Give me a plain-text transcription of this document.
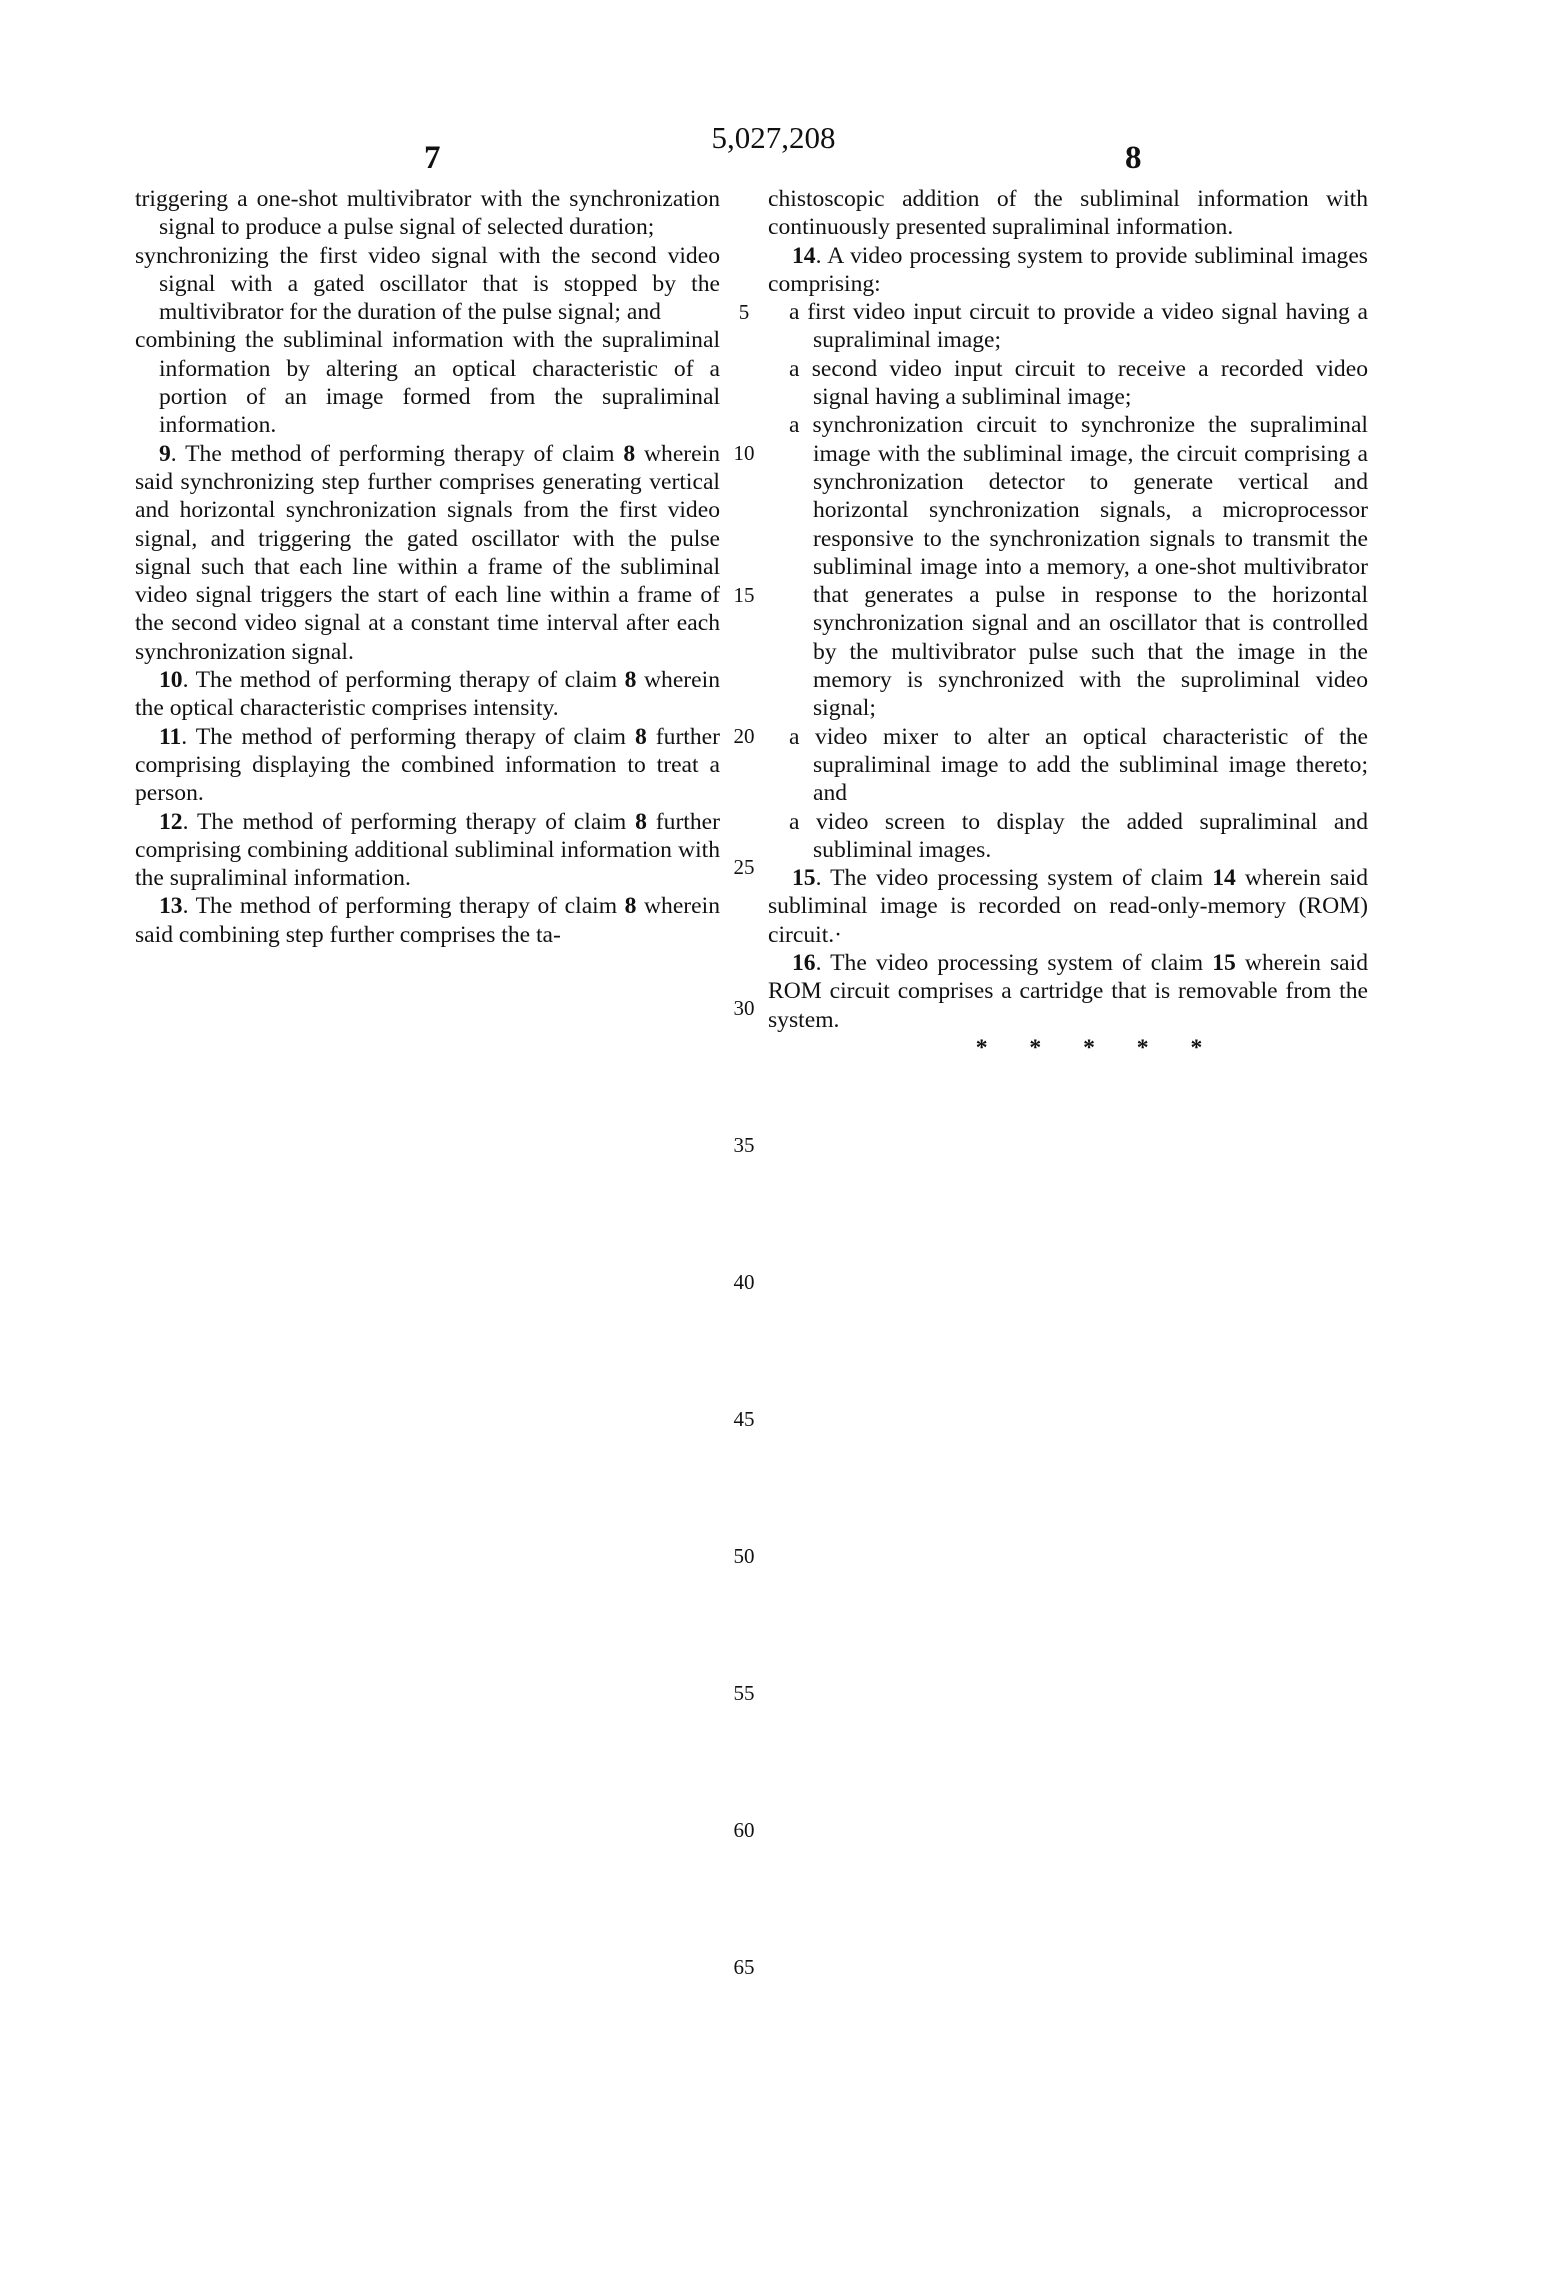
7
5,027,208
8

triggering a one-shot multivibrator with the synchronization signal to produce a pulse signal of selected duration;

synchronizing the first video signal with the second video signal with a gated oscillator that is stopped by the multivibrator for the duration of the pulse signal; and

combining the subliminal information with the supraliminal information by altering an optical characteristic of a portion of an image formed from the supraliminal information.

9. The method of performing therapy of claim 8 wherein said synchronizing step further comprises generating vertical and horizontal synchronization signals from the first video signal, and triggering the gated oscillator with the pulse signal such that each line within a frame of the subliminal video signal triggers the start of each line within a frame of the second video signal at a constant time interval after each synchronization signal.

10. The method of performing therapy of claim 8 wherein the optical characteristic comprises intensity.

11. The method of performing therapy of claim 8 further comprising displaying the combined information to treat a person.

12. The method of performing therapy of claim 8 further comprising combining additional subliminal information with the supraliminal information.

13. The method of performing therapy of claim 8 wherein said combining step further comprises the ta-

chistoscopic addition of the subliminal information with continuously presented supraliminal information.

14. A video processing system to provide subliminal images comprising:

a first video input circuit to provide a video signal having a supraliminal image;

a second video input circuit to receive a recorded video signal having a subliminal image;

a synchronization circuit to synchronize the supraliminal image with the subliminal image, the circuit comprising a synchronization detector to generate vertical and horizontal synchronization signals, a microprocessor responsive to the synchronization signals to transmit the subliminal image into a memory, a one-shot multivibrator that generates a pulse in response to the horizontal synchronization signal and an oscillator that is controlled by the multivibrator pulse such that the image in the memory is synchronized with the suproliminal video signal;

a video mixer to alter an optical characteristic of the supraliminal image to add the subliminal image thereto; and

a video screen to display the added supraliminal and subliminal images.

15. The video processing system of claim 14 wherein said subliminal image is recorded on read-only-memory (ROM) circuit.·

16. The video processing system of claim 15 wherein said ROM circuit comprises a cartridge that is removable from the system.

* * * * *

5
10
15
20
25
30
35
40
45
50
55
60
65
